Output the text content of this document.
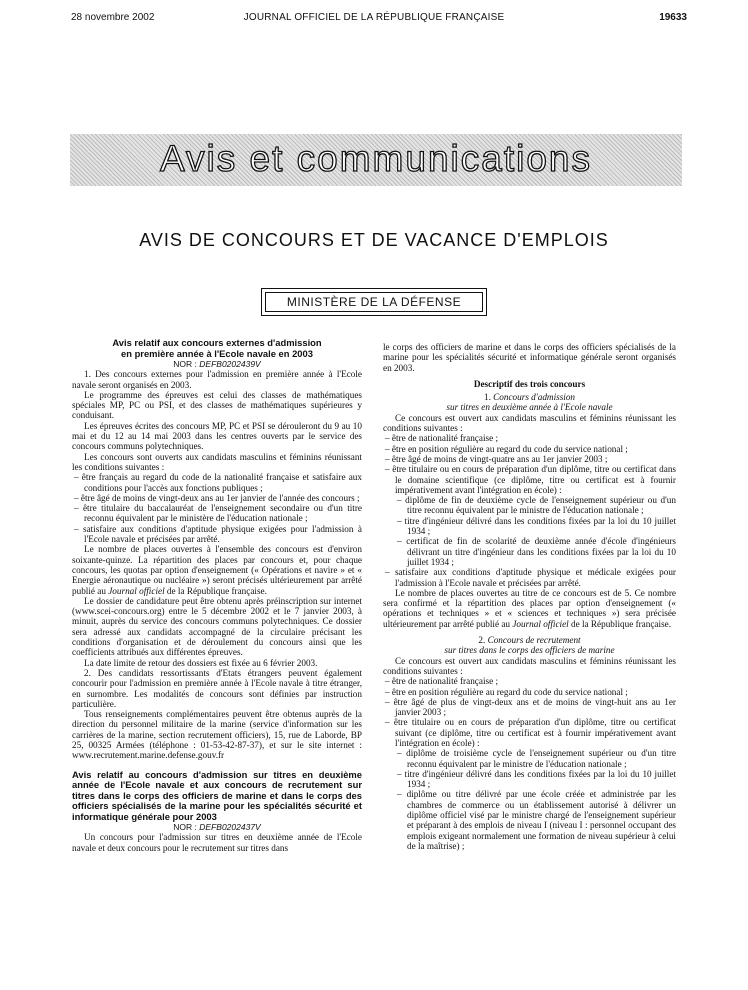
28 novembre 2002	JOURNAL OFFICIEL DE LA RÉPUBLIQUE FRANÇAISE	19633
Avis et communications
AVIS DE CONCOURS ET DE VACANCE D'EMPLOIS
MINISTÈRE DE LA DÉFENSE

Avis relatif aux concours externes d'admission

en première année à l'Ecole navale en 2003

NOR : DEFB0202439V

1. Des concours externes pour l'admission en première année à l'Ecole navale seront organisés en 2003.

Le programme des épreuves est celui des classes de mathématiques spéciales MP, PC ou PSI, et des classes de mathématiques supérieures y conduisant.

Les épreuves écrites des concours MP, PC et PSI se dérouleront du 9 au 10 mai et du 12 au 14 mai 2003 dans les centres ouverts par le service des concours communs polytechniques.

Les concours sont ouverts aux candidats masculins et féminins réunissant les conditions suivantes :

– être français au regard du code de la nationalité française et satisfaire aux conditions pour l'accès aux fonctions publiques ;

– être âgé de moins de vingt-deux ans au 1er janvier de l'année des concours ;

– être titulaire du baccalauréat de l'enseignement secondaire ou d'un titre reconnu équivalent par le ministère de l'éducation nationale ;

– satisfaire aux conditions d'aptitude physique exigées pour l'admission à l'Ecole navale et précisées par arrêté.

Le nombre de places ouvertes à l'ensemble des concours est d'environ soixante-quinze. La répartition des places par concours et, pour chaque concours, les quotas par option d'enseignement (« Opérations et navire » et « Energie aéronautique ou nucléaire ») seront précisés ultérieurement par arrêté publié au Journal officiel de la République française.

Le dossier de candidature peut être obtenu après préinscription sur internet (www.scei-concours.org) entre le 5 décembre 2002 et le 7 janvier 2003, à minuit, auprès du service des concours communs polytechniques. Ce dossier sera adressé aux candidats accompagné de la circulaire précisant les conditions d'organisation et de déroulement du concours ainsi que les coefficients attribués aux différentes épreuves.

La date limite de retour des dossiers est fixée au 6 février 2003.

2. Des candidats ressortissants d'Etats étrangers peuvent également concourir pour l'admission en première année à l'Ecole navale à titre étranger, en surnombre. Les modalités de concours sont définies par instruction particulière.

Tous renseignements complémentaires peuvent être obtenus auprès de la direction du personnel militaire de la marine (service d'information sur les carrières de la marine, section recrutement officiers), 15, rue de Laborde, BP 25, 00325 Armées (téléphone : 01-53-42-87-37), et sur le site internet : www.recrutement.marine.defense.gouv.fr

Avis relatif au concours d'admission sur titres en deuxième année de l'Ecole navale et aux concours de recrutement sur titres dans le corps des officiers de marine et dans le corps des officiers spécialisés de la marine pour les spécialités sécurité et informatique générale pour 2003

NOR : DEFB0202437V

Un concours pour l'admission sur titres en deuxième année de l'Ecole navale et deux concours pour le recrutement sur titres dans

le corps des officiers de marine et dans le corps des officiers spécialisés de la marine pour les spécialités sécurité et informatique générale seront organisés en 2003.

Descriptif des trois concours

1. Concours d'admission

sur titres en deuxième année à l'Ecole navale

Ce concours est ouvert aux candidats masculins et féminins réunissant les conditions suivantes :

– être de nationalité française ;

– être en position régulière au regard du code du service national ;

– être âgé de moins de vingt-quatre ans au 1er janvier 2003 ;

– être titulaire ou en cours de préparation d'un diplôme, titre ou certificat dans le domaine scientifique (ce diplôme, titre ou certificat est à fournir impérativement avant l'intégration en école) :

– diplôme de fin de deuxième cycle de l'enseignement supérieur ou d'un titre reconnu équivalent par le ministre de l'éducation nationale ;

– titre d'ingénieur délivré dans les conditions fixées par la loi du 10 juillet 1934 ;

– certificat de fin de scolarité de deuxième année d'école d'ingénieurs délivrant un titre d'ingénieur dans les conditions fixées par la loi du 10 juillet 1934 ;

– satisfaire aux conditions d'aptitude physique et médicale exigées pour l'admission à l'Ecole navale et précisées par arrêté.

Le nombre de places ouvertes au titre de ce concours est de 5. Ce nombre sera confirmé et la répartition des places par option d'enseignement (« opérations et techniques » et « sciences et techniques ») sera précisée ultérieurement par arrêté publié au Journal officiel de la République française.

2. Concours de recrutement

sur titres dans le corps des officiers de marine

Ce concours est ouvert aux candidats masculins et féminins réunissant les conditions suivantes :

– être de nationalité française ;

– être en position régulière au regard du code du service national ;

– être âgé de plus de vingt-deux ans et de moins de vingt-huit ans au 1er janvier 2003 ;

– être titulaire ou en cours de préparation d'un diplôme, titre ou certificat suivant (ce diplôme, titre ou certificat est à fournir impérativement avant l'intégration en école) :

– diplôme de troisième cycle de l'enseignement supérieur ou d'un titre reconnu équivalent par le ministre de l'éducation nationale ;

– titre d'ingénieur délivré dans les conditions fixées par la loi du 10 juillet 1934 ;

– diplôme ou titre délivré par une école créée et administrée par les chambres de commerce ou un établissement autorisé à délivrer un diplôme officiel visé par le ministre chargé de l'enseignement supérieur et préparant à des emplois de niveau I (niveau I : personnel occupant des emplois exigeant normalement une formation de niveau supérieur à celui de la maîtrise) ;
